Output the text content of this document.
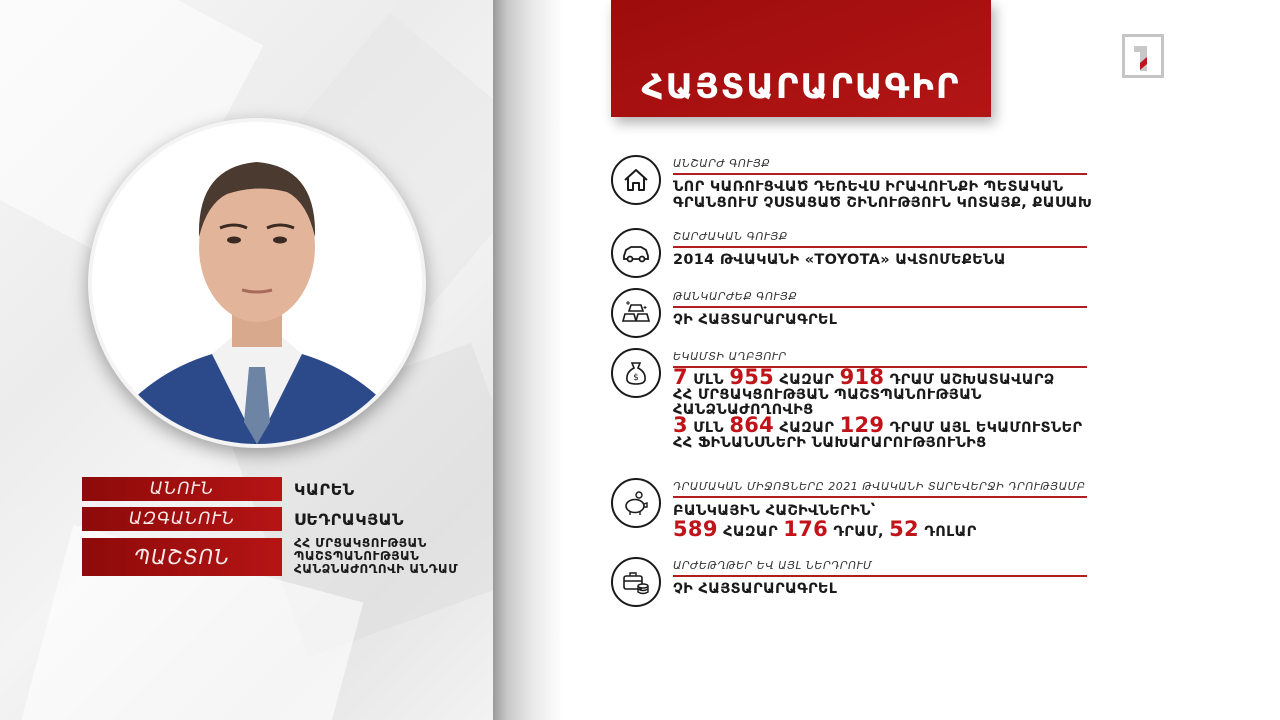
ԱՆՈՒՆ	ԿԱՐԵՆ
ԱԶԳԱՆՈՒՆ	ՍԵԴՐԱԿՅԱՆ
ՊԱՇՏՈՆ
ՀՀ ՄՐՑԱԿՑՈՒԹՅԱՆ
ՊԱՇՏՊԱՆՈՒԹՅԱՆ
ՀԱՆՁՆԱԺՈՂՈՎԻ ԱՆԴԱՄ
ՀԱՅՏԱՐԱՐԱԳԻՐ
ԱՆՇԱՐԺ ԳՈՒՅՔ
ՆՈՐ ԿԱՌՈՒՑՎԱԾ ԴԵՌԵՎՍ ԻՐԱՎՈՒՆՔԻ ՊԵՏԱԿԱՆ
ԳՐԱՆՑՈՒՄ ՉՍՏԱՑԱԾ ՇԻՆՈՒԹՅՈՒՆ ԿՈՏԱՅՔ, ՔԱՍԱԽ
ՇԱՐԺԱԿԱՆ ԳՈՒՅՔ
2014 ԹՎԱԿԱՆԻ «TOYOTA» ԱՎՏՈՄԵՔԵՆԱ
ԹԱՆԿԱՐԺԵՔ ԳՈՒՅՔ
ՉԻ ՀԱՅՏԱՐԱՐԱԳՐԵԼ
$
ԵԿԱՄՏԻ ԱՂԲՅՈՒՐ
7 ՄԼՆ 955 ՀԱԶԱՐ 918 ԴՐԱՄ ԱՇԽԱՏԱՎԱՐՁ
ՀՀ ՄՐՑԱԿՑՈՒԹՅԱՆ ՊԱՇՏՊԱՆՈՒԹՅԱՆ
ՀԱՆՁՆԱԺՈՂՈՎԻՑ
3 ՄԼՆ 864 ՀԱԶԱՐ 129 ԴՐԱՄ ԱՅԼ ԵԿԱՄՈՒՏՆԵՐ
ՀՀ ՖԻՆԱՆՍՆԵՐԻ ՆԱԽԱՐԱՐՈՒԹՅՈՒՆԻՑ
ԴՐԱՄԱԿԱՆ ՄԻՋՈՑՆԵՐԸ 2021 ԹՎԱԿԱՆԻ ՏԱՐԵՎԵՐՋԻ ԴՐՈՒԹՅԱՄԲ
ԲԱՆԿԱՅԻՆ ՀԱՇԻՎՆԵՐԻՆ՝
589 ՀԱԶԱՐ 176 ԴՐԱՄ, 52 ԴՈԼԱՐ
ԱՐԺԵԹՂԹԵՐ ԵՎ ԱՅԼ ՆԵՐԴՐՈՒՄ
ՉԻ ՀԱՅՏԱՐԱՐԱԳՐԵԼ
